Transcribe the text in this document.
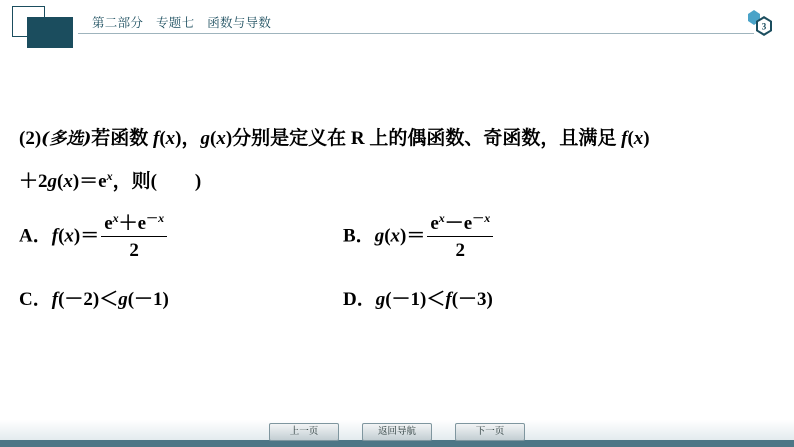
第二部分　专题七　函数与导数	3
(2)(多选)若函数 f(x)，g(x)分别是定义在 R 上的偶函数、奇函数，且满足 f(x)
$+2g(x)=e^x$，则(　　)
A．$f(x)= \frac{e^x+e^{-x}}{2}$	B．$g(x)= \frac{e^x-e^{-x}}{2}$
C．f(－2)＜g(－1)	D．g(－1)＜f(－3)
上一页	返回导航	下一页
